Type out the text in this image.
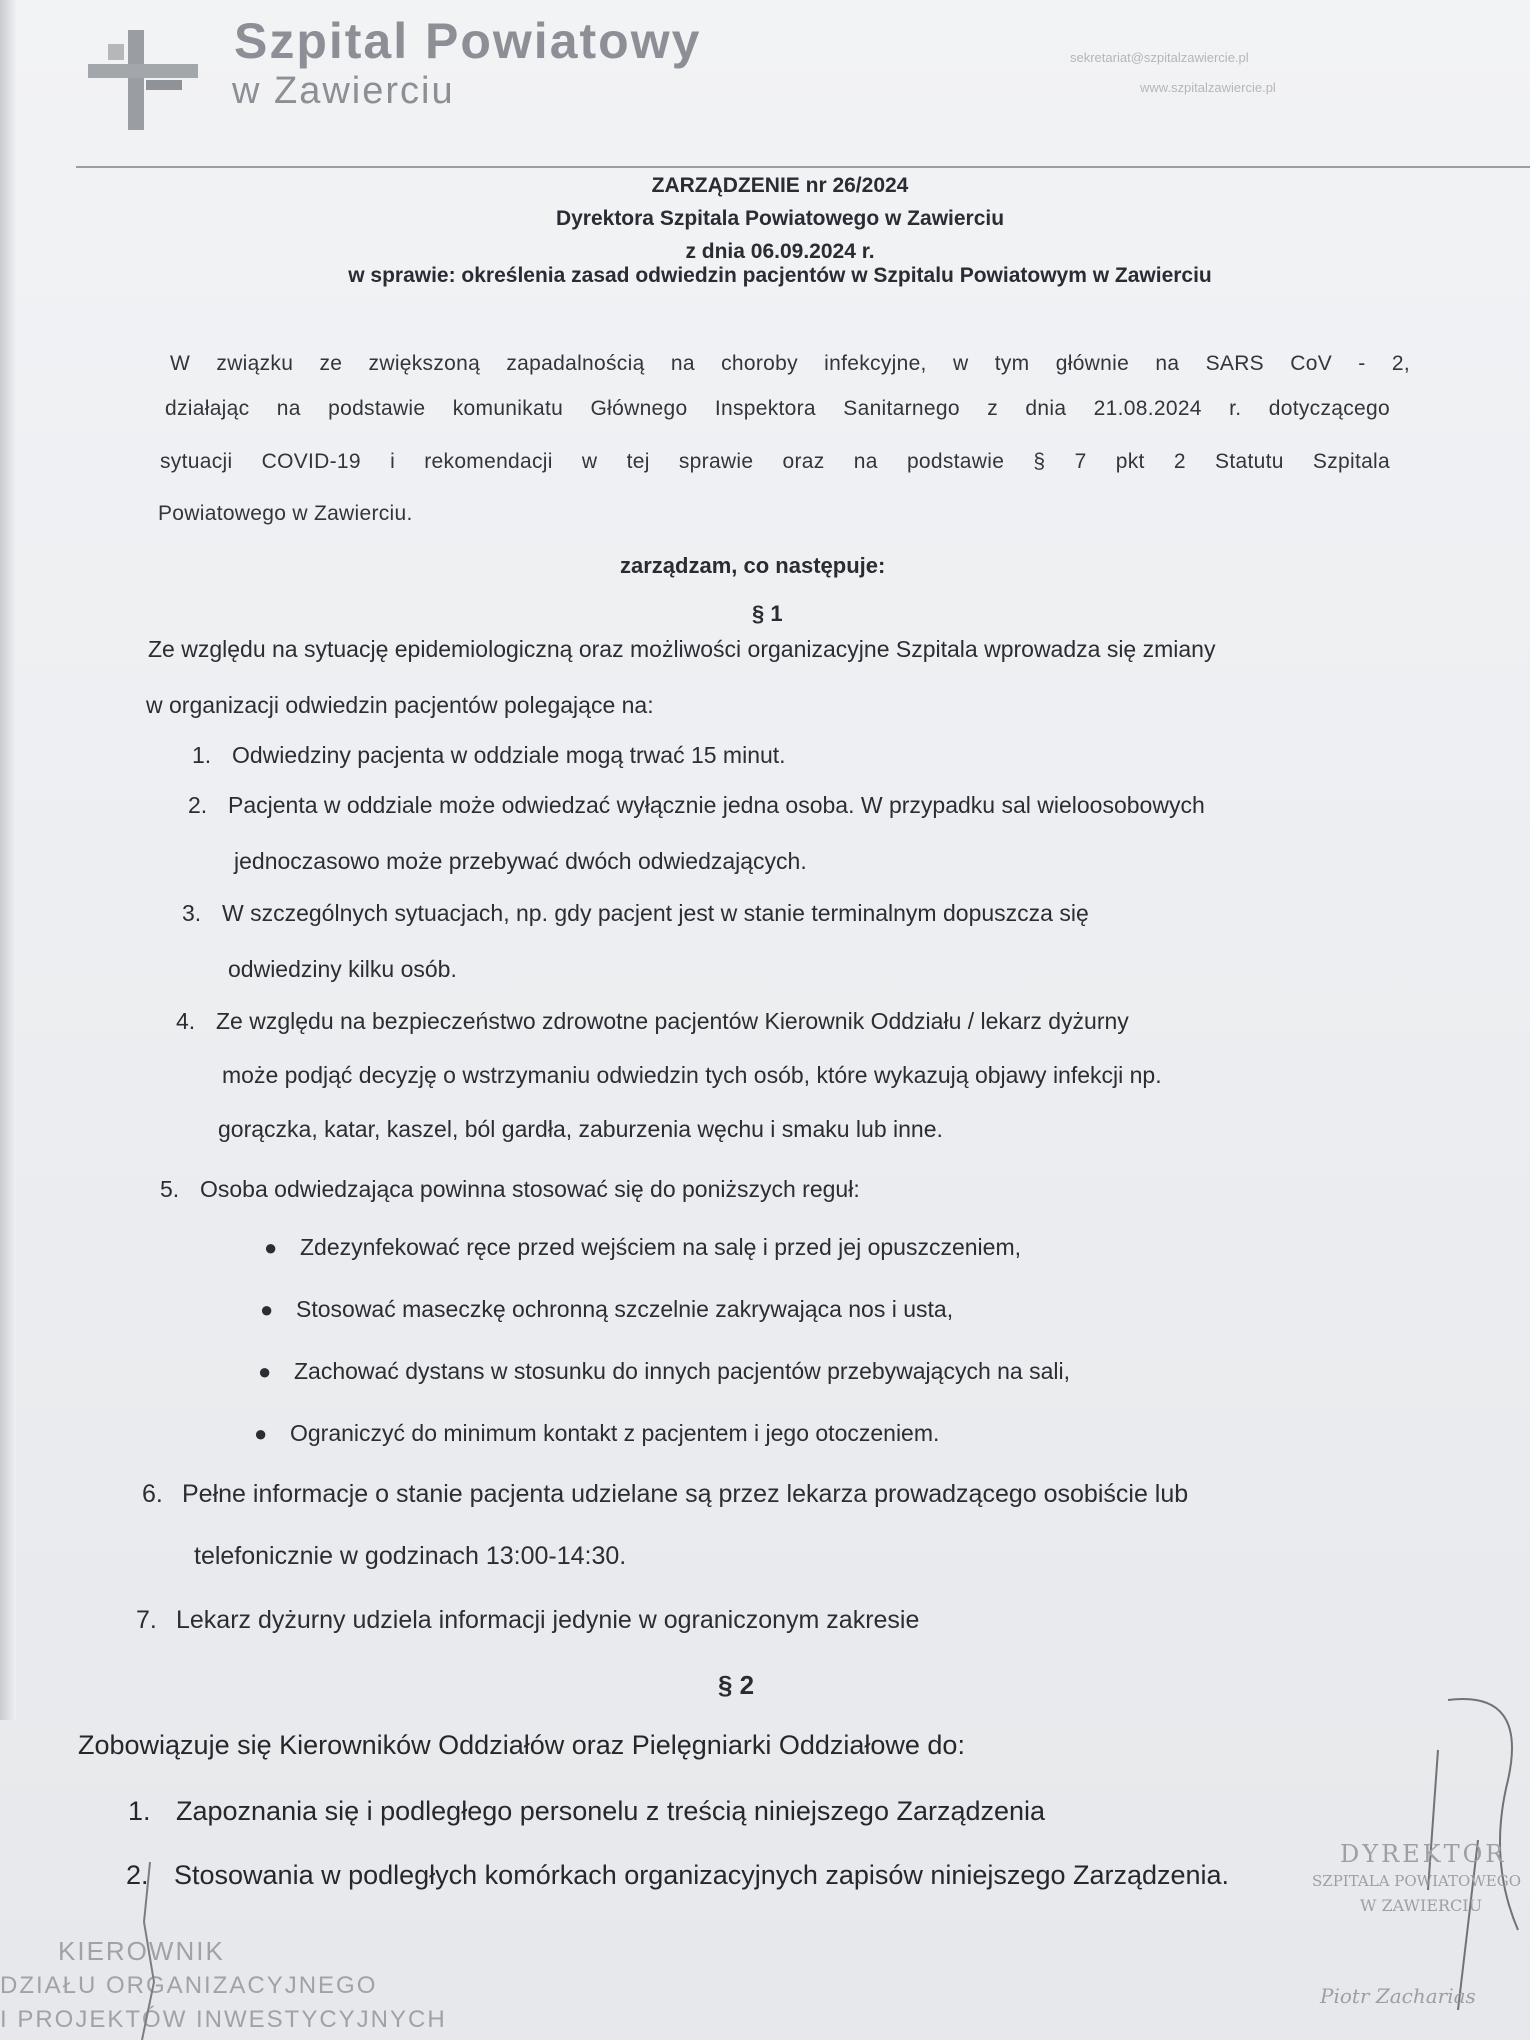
Szpital Powiatowy
w Zawierciu
sekretariat@szpitalzawiercie.pl
www.szpitalzawiercie.pl
ZARZĄDZENIE nr 26/2024
Dyrektora Szpitala Powiatowego w Zawierciu
z dnia 06.09.2024 r.
w sprawie: określenia zasad odwiedzin pacjentów w Szpitalu Powiatowym w Zawierciu
W związku ze zwiększoną zapadalnością na choroby infekcyjne, w tym głównie na SARS CoV - 2,
działając na podstawie komunikatu Głównego Inspektora Sanitarnego z dnia 21.08.2024 r. dotyczącego
sytuacji COVID-19 i rekomendacji w tej sprawie oraz na podstawie § 7 pkt 2 Statutu Szpitala
Powiatowego w Zawierciu.
zarządzam, co następuje:
§ 1
Ze względu na sytuację epidemiologiczną oraz możliwości organizacyjne Szpitala wprowadza się zmiany
w organizacji odwiedzin pacjentów polegające na:
1. Odwiedziny pacjenta w oddziale mogą trwać 15 minut.
2. Pacjenta w oddziale może odwiedzać wyłącznie jedna osoba. W przypadku sal wieloosobowych
jednoczasowo może przebywać dwóch odwiedzających.
3. W szczególnych sytuacjach, np. gdy pacjent jest w stanie terminalnym dopuszcza się
odwiedziny kilku osób.
4. Ze względu na bezpieczeństwo zdrowotne pacjentów Kierownik Oddziału / lekarz dyżurny
może podjąć decyzję o wstrzymaniu odwiedzin tych osób, które wykazują objawy infekcji np.
gorączka, katar, kaszel, ból gardła, zaburzenia węchu i smaku lub inne.
5. Osoba odwiedzająca powinna stosować się do poniższych reguł:
● Zdezynfekować ręce przed wejściem na salę i przed jej opuszczeniem,
● Stosować maseczkę ochronną szczelnie zakrywająca nos i usta,
● Zachować dystans w stosunku do innych pacjentów przebywających na sali,
● Ograniczyć do minimum kontakt z pacjentem i jego otoczeniem.
6. Pełne informacje o stanie pacjenta udzielane są przez lekarza prowadzącego osobiście lub
telefonicznie w godzinach 13:00-14:30.
7. Lekarz dyżurny udziela informacji jedynie w ograniczonym zakresie
§ 2
Zobowiązuje się Kierowników Oddziałów oraz Pielęgniarki Oddziałowe do:
1. Zapoznania się i podległego personelu z treścią niniejszego Zarządzenia
2. Stosowania w podległych komórkach organizacyjnych zapisów niniejszego Zarządzenia.
KIEROWNIK
DZIAŁU ORGANIZACYJNEGO
I PROJEKTÓW INWESTYCYJNYCH
DYREKTOR
SZPITALA POWIATOWEGO
W ZAWIERCIU
Piotr Zacharias
